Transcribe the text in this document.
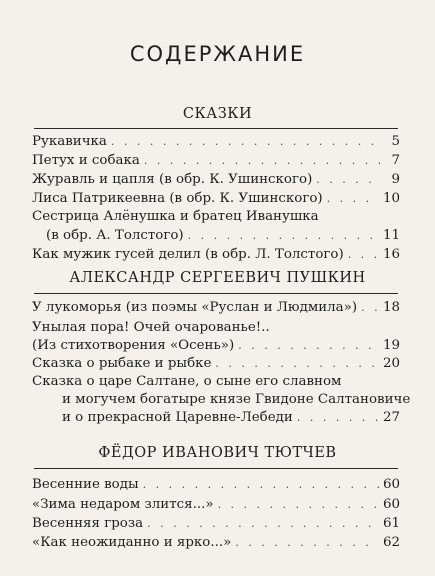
СОДЕРЖАНИЕ
СКАЗКИ
Рукавичка . . .	5
Петух и собака . . .	7
Журавль и цапля (в обр. К. Ушинского) . . .	9
Лиса Патрикеевна (в обр. К. Ушинского) . . .	10
Сестрица Алёнушка и братец Иванушка
(в обр. А. Толстого) . . .	11
Как мужик гусей делил (в обр. Л. Толстого) . . .	16
АЛЕКСАНДР СЕРГЕЕВИЧ ПУШКИН
У лукоморья (из поэмы «Руслан и Людмила») . . . 18
Унылая пора! Очей очарованье!..
(Из стихотворения «Осень») . . .	19
Сказка о рыбаке и рыбке . . .	20
Сказка о царе Салтане, о сыне его славном
и могучем богатыре князе Гвидоне Салтановиче
и о прекрасной Царевне-Лебеди . . .	27
ФЁДОР ИВАНОВИЧ ТЮТЧЕВ
Весенние воды . . .	60
«Зима недаром злится...» . . .	60
Весенняя гроза . . .	61
«Как неожиданно и ярко...» . . .	62
